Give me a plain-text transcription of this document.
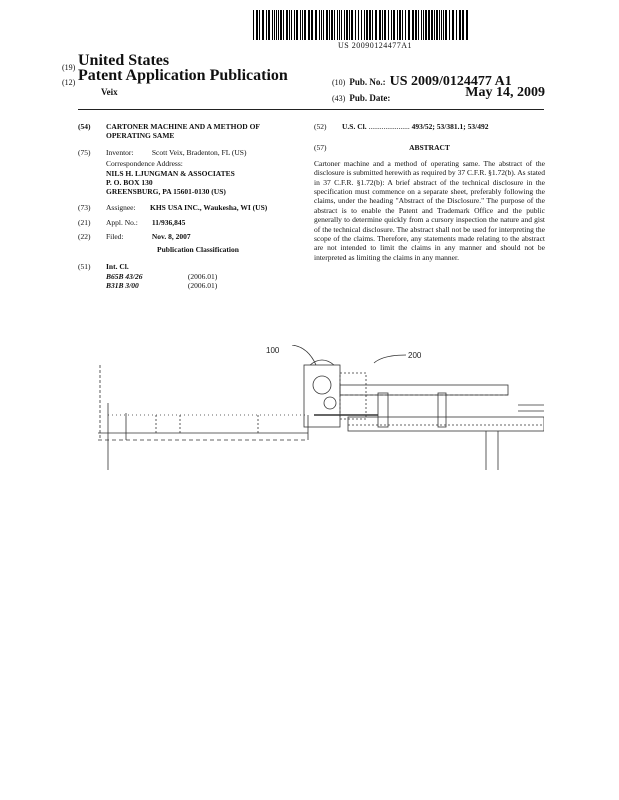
US 20090124477A1
(19) United States
(12) Patent Application Publication
Veix
(10) Pub. No.: US 2009/0124477 A1
(43) Pub. Date:	May 14, 2009
(54) CARTONER MACHINE AND A METHOD OF OPERATING SAME
(75) Inventor: Scott Veix, Bradenton, FL (US)
Correspondence Address:
NILS H. LJUNGMAN & ASSOCIATES
P. O. BOX 130
GREENSBURG, PA 15601-0130 (US)
(73) Assignee:	KHS USA INC., Waukesha, WI (US)
(21) Appl. No.: 11/936,845
(22) Filed:	Nov. 8, 2007
Publication Classification
(51) Int. Cl.
B65B 43/26	(2006.01)
B31B 3/00	(2006.01)
(52) U.S. Cl. ...................... 493/52; 53/381.1; 53/492
(57)	ABSTRACT
Cartoner machine and a method of operating same. The abstract of the disclosure is submitted herewith as required by 37 C.F.R. §1.72(b). As stated in 37 C.F.R. §1.72(b): A brief abstract of the technical disclosure in the specification must commence on a separate sheet, preferably following the claims, under the heading "Abstract of the Disclosure." The purpose of the abstract is to enable the Patent and Trademark Office and the public generally to determine quickly from a cursory inspection the nature and gist of the technical disclosure. The abstract shall not be used for interpreting the scope of the claims. Therefore, any statements made relating to the abstract are not intended to limit the claims in any manner and should not be interpreted as limiting the claims in any manner.
100
200
